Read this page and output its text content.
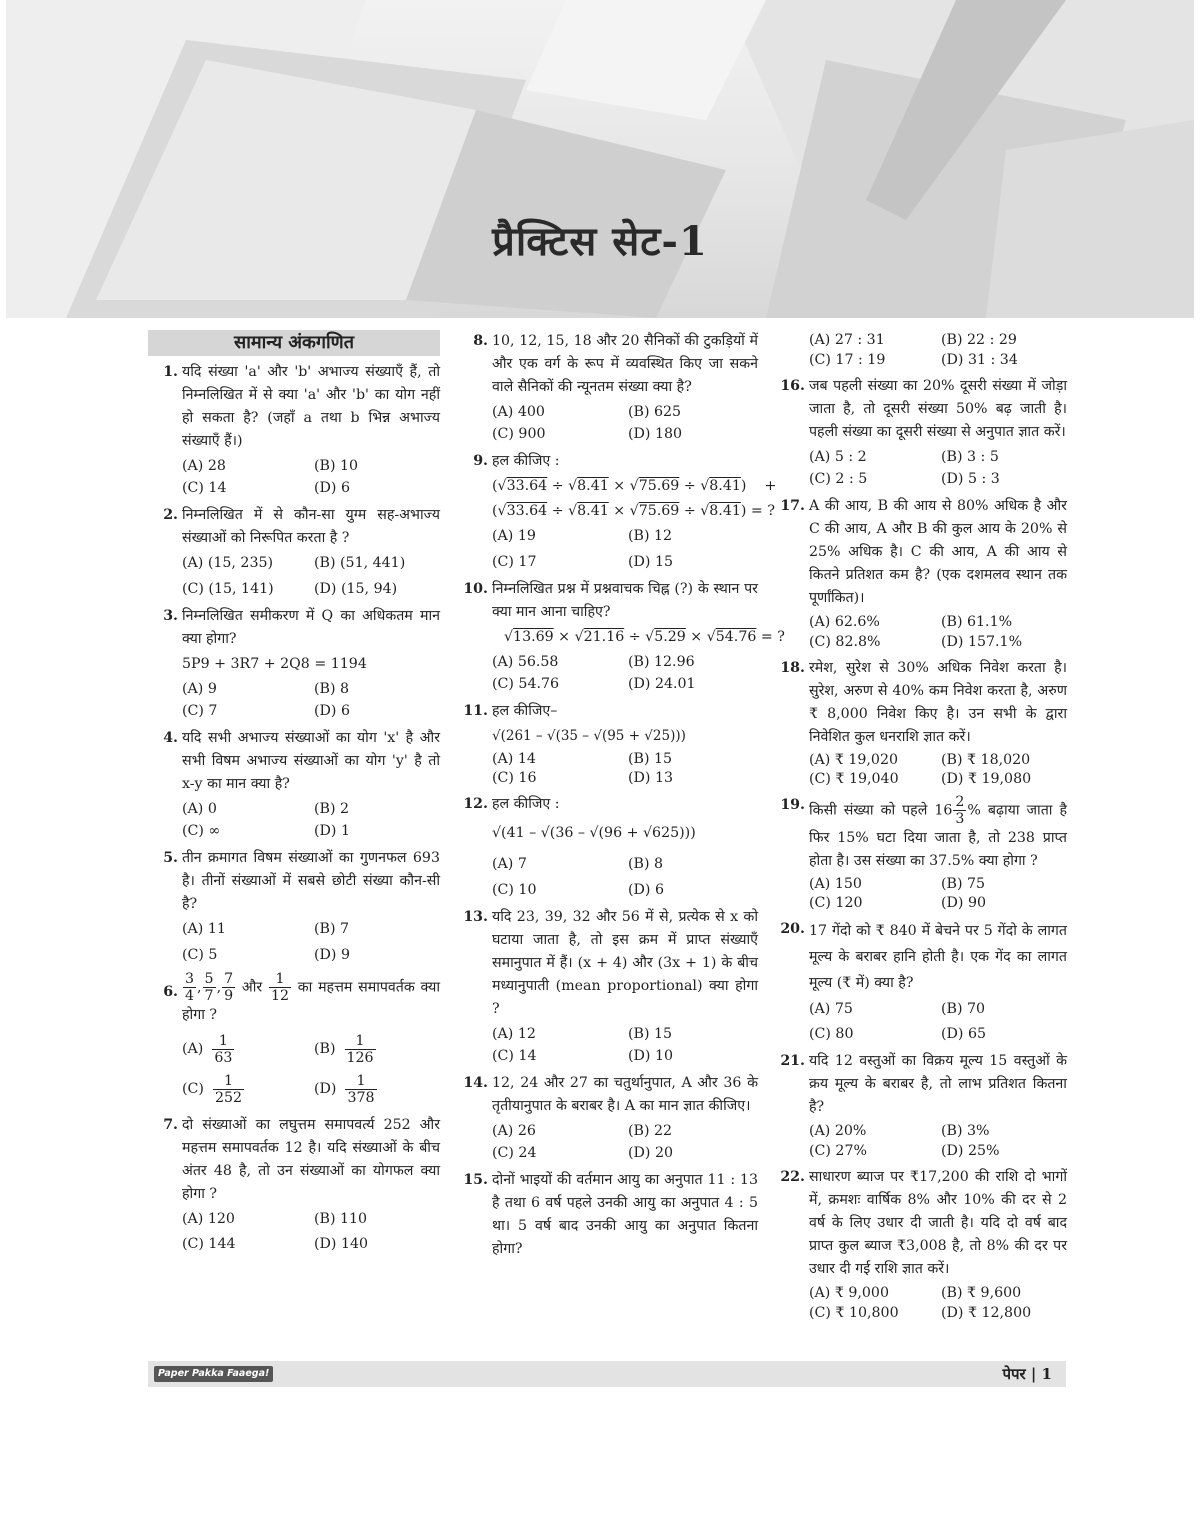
प्रैक्टिस सेट-1
सामान्य अंकगणित
1. यदि संख्या 'a' और 'b' अभाज्य संख्याएँ हैं, तो निम्नलिखित में से क्या 'a' और 'b' का योग नहीं हो सकता है? (जहाँ a तथा b भिन्न अभाज्य संख्याएँ हैं।)
(A) 28	(B) 10
(C) 14	(D) 6
2. निम्नलिखित में से कौन-सा युग्म सह-अभाज्य संख्याओं को निरूपित करता है ?
(A) (15, 235)	(B) (51, 441)
(C) (15, 141)	(D) (15, 94)
3. निम्नलिखित समीकरण में Q का अधिकतम मान क्या होगा?
5P9 + 3R7 + 2Q8 = 1194
(A) 9	(B) 8
(C) 7	(D) 6
4. यदि सभी अभाज्य संख्याओं का योग 'x' है और सभी विषम अभाज्य संख्याओं का योग 'y' है तो x-y का मान क्या है?
(A) 0	(B) 2
(C) ∞	(D) 1
5. तीन क्रमागत विषम संख्याओं का गुणनफल 693 है। तीनों संख्याओं में सबसे छोटी संख्या कौन-सी है?
(A) 11	(B) 7
(C) 5	(D) 9
6. $\frac{3}{4}$ , $\frac{5}{7}$ , $\frac{7}{9}$ और $\frac{1}{12}$ का महत्तम समापवर्तक क्या होगा ?
$(A) \frac{1}{63}$	$(B) \frac{1}{126}$
$(C) \frac{1}{252}$	$(D) \frac{1}{378}$
7. दो संख्याओं का लघुत्तम समापवर्त्य 252 और महत्तम समापवर्तक 12 है। यदि संख्याओं के बीच अंतर 48 है, तो उन संख्याओं का योगफल क्या होगा ?
(A) 120	(B) 110
(C) 144	(D) 140
8. 10, 12, 15, 18 और 20 सैनिकों की टुकड़ियों में और एक वर्ग के रूप में व्यवस्थित किए जा सकने वाले सैनिकों की न्यूनतम संख्या क्या है?
(A) 400	(B) 625
(C) 900	(D) 180
9. हल कीजिए :
(√33.64 ÷ √8.41 × √75.69 ÷ √8.41)    +
(√33.64 ÷ √8.41 × √75.69 ÷ √8.41) = ?
(A) 19	(B) 12
(C) 17	(D) 15
10. निम्नलिखित प्रश्न में प्रश्नवाचक चिह्न (?) के स्थान पर क्या मान आना चाहिए?
√13.69 × √21.16 ÷ √5.29 × √54.76 = ?
(A) 56.58	(B) 12.96
(C) 54.76	(D) 24.01
11. हल कीजिए–
√(261 – √(35 – √(95 + √25)))
(A) 14	(B) 15
(C) 16	(D) 13
12. हल कीजिए :
√(41 – √(36 – √(96 + √625)))
(A) 7	(B) 8
(C) 10	(D) 6
13. यदि 23, 39, 32 और 56 में से, प्रत्येक से x को घटाया जाता है, तो इस क्रम में प्राप्त संख्याएँ समानुपात में हैं। (x + 4) और (3x + 1) के बीच मध्यानुपाती (mean proportional) क्या होगा ?
(A) 12	(B) 15
(C) 14	(D) 10
14. 12, 24 और 27 का चतुर्थानुपात, A और 36 के तृतीयानुपात के बराबर है। A का मान ज्ञात कीजिए।
(A) 26	(B) 22
(C) 24	(D) 20
15. दोनों भाइयों की वर्तमान आयु का अनुपात 11 : 13 है तथा 6 वर्ष पहले उनकी आयु का अनुपात 4 : 5 था। 5 वर्ष बाद उनकी आयु का अनुपात कितना होगा?
(A) 27 : 31	(B) 22 : 29
(C) 17 : 19	(D) 31 : 34
16. जब पहली संख्या का 20% दूसरी संख्या में जोड़ा जाता है, तो दूसरी संख्या 50% बढ़ जाती है। पहली संख्या का दूसरी संख्या से अनुपात ज्ञात करें।
(A) 5 : 2	(B) 3 : 5
(C) 2 : 5	(D) 5 : 3
17. A की आय, B की आय से 80% अधिक है और C की आय, A और B की कुल आय के 20% से 25% अधिक है। C की आय, A की आय से कितने प्रतिशत कम है? (एक दशमलव स्थान तक पूर्णांकित)।
(A) 62.6%	(B) 61.1%
(C) 82.8%	(D) 157.1%
18. रमेश, सुरेश से 30% अधिक निवेश करता है। सुरेश, अरुण से 40% कम निवेश करता है, अरुण ₹ 8,000 निवेश किए है। उन सभी के द्वारा निवेशित कुल धनराशि ज्ञात करें।
(A) ₹ 19,020	(B) ₹ 18,020
(C) ₹ 19,040	(D) ₹ 19,080
19. किसी संख्या को पहले $16 \frac{2}{3}$ % बढ़ाया जाता है फिर 15% घटा दिया जाता है, तो 238 प्राप्त होता है। उस संख्या का 37.5% क्या होगा ?
(A) 150	(B) 75
(C) 120	(D) 90
20. 17 गेंदो को ₹ 840 में बेचने पर 5 गेंदो के लागत मूल्य के बराबर हानि होती है। एक गेंद का लागत मूल्य (₹ में) क्या है?
(A) 75	(B) 70
(C) 80	(D) 65
21. यदि 12 वस्तुओं का विक्रय मूल्य 15 वस्तुओं के क्रय मूल्य के बराबर है, तो लाभ प्रतिशत कितना है?
(A) 20%	(B) 3%
(C) 27%	(D) 25%
22. साधारण ब्याज पर ₹17,200 की राशि दो भागों में, क्रमशः वार्षिक 8% और 10% की दर से 2 वर्ष के लिए उधार दी जाती है। यदि दो वर्ष बाद प्राप्त कुल ब्याज ₹3,008 है, तो 8% की दर पर उधार दी गई राशि ज्ञात करें।
(A) ₹ 9,000	(B) ₹ 9,600
(C) ₹ 10,800	(D) ₹ 12,800
Paper Pakka Faaega!	पेपर | 1
